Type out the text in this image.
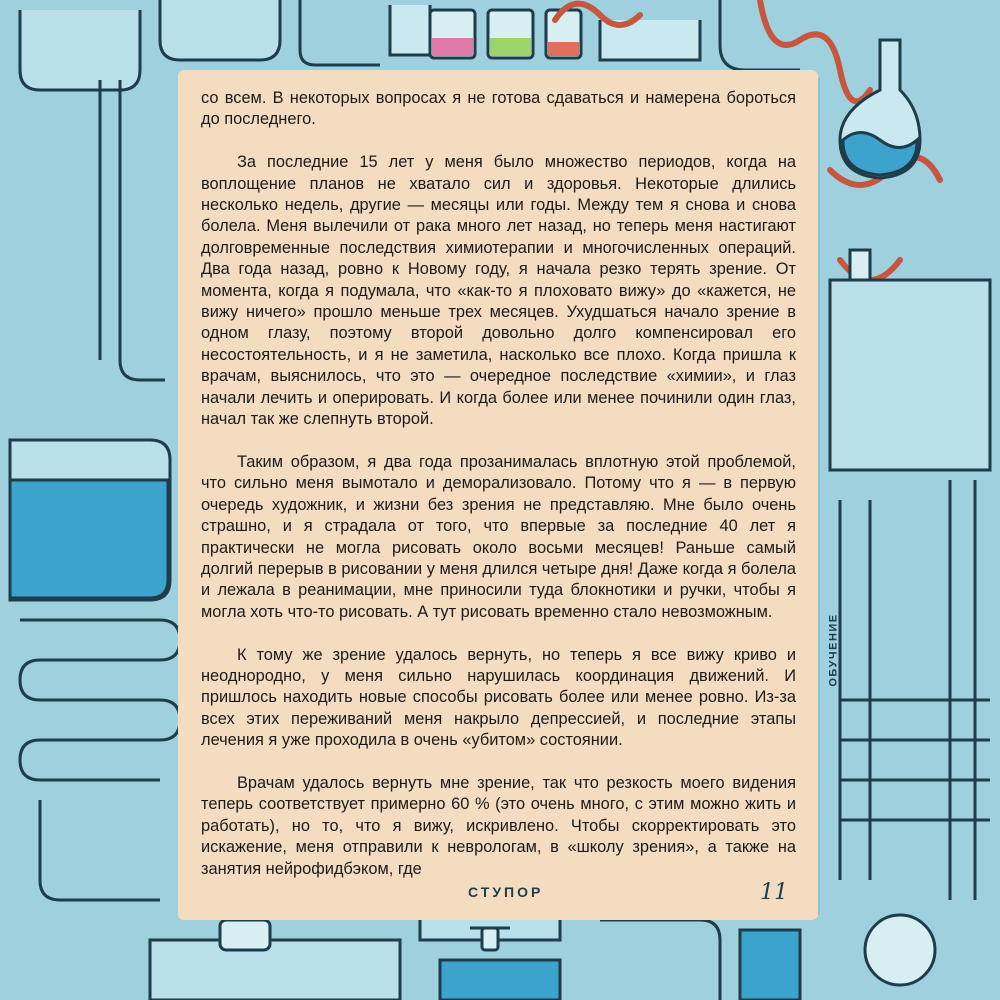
со всем. В некоторых вопросах я не готова сдаваться и намерена бороться до последнего.

За последние 15 лет у меня было множество периодов, когда на воплощение планов не хватало сил и здоровья. Некоторые длились несколько недель, другие — месяцы или годы. Между тем я снова и снова болела. Меня вылечили от рака много лет назад, но теперь меня настигают долговременные последствия химиотерапии и многочисленных операций. Два года назад, ровно к Новому году, я начала резко терять зрение. От момента, когда я подумала, что «как-то я плоховато вижу» до «кажется, не вижу ничего» прошло меньше трех месяцев. Ухудшаться начало зрение в одном глазу, поэтому второй довольно долго компенсировал его несостоятельность, и я не заметила, насколько все плохо. Когда пришла к врачам, выяснилось, что это — очередное последствие «химии», и глаз начали лечить и оперировать. И когда более или менее починили один глаз, начал так же слепнуть второй.

Таким образом, я два года прозанималась вплотную этой проблемой, что сильно меня вымотало и деморализовало. Потому что я — в первую очередь художник, и жизни без зрения не представляю. Мне было очень страшно, и я страдала от того, что впервые за последние 40 лет я практически не могла рисовать около восьми месяцев! Раньше самый долгий перерыв в рисовании у меня длился четыре дня! Даже когда я болела и лежала в реанимации, мне приносили туда блокнотики и ручки, чтобы я могла хоть что-то рисовать. А тут рисовать временно стало невозможным.

К тому же зрение удалось вернуть, но теперь я все вижу криво и неоднородно, у меня сильно нарушилась координация движений. И пришлось находить новые способы рисовать более или менее ровно. Из-за всех этих переживаний меня накрыло депрессией, и последние этапы лечения я уже проходила в очень «убитом» состоянии.

Врачам удалось вернуть мне зрение, так что резкость моего видения теперь соответствует примерно 60 % (это очень много, с этим можно жить и работать), но то, что я вижу, искривлено. Чтобы скорректировать это искажение, меня отправили к неврологам, в «школу зрения», а также на занятия нейрофидбэком, где

СТУПОР	11
ОБУЧЕНИЕ
